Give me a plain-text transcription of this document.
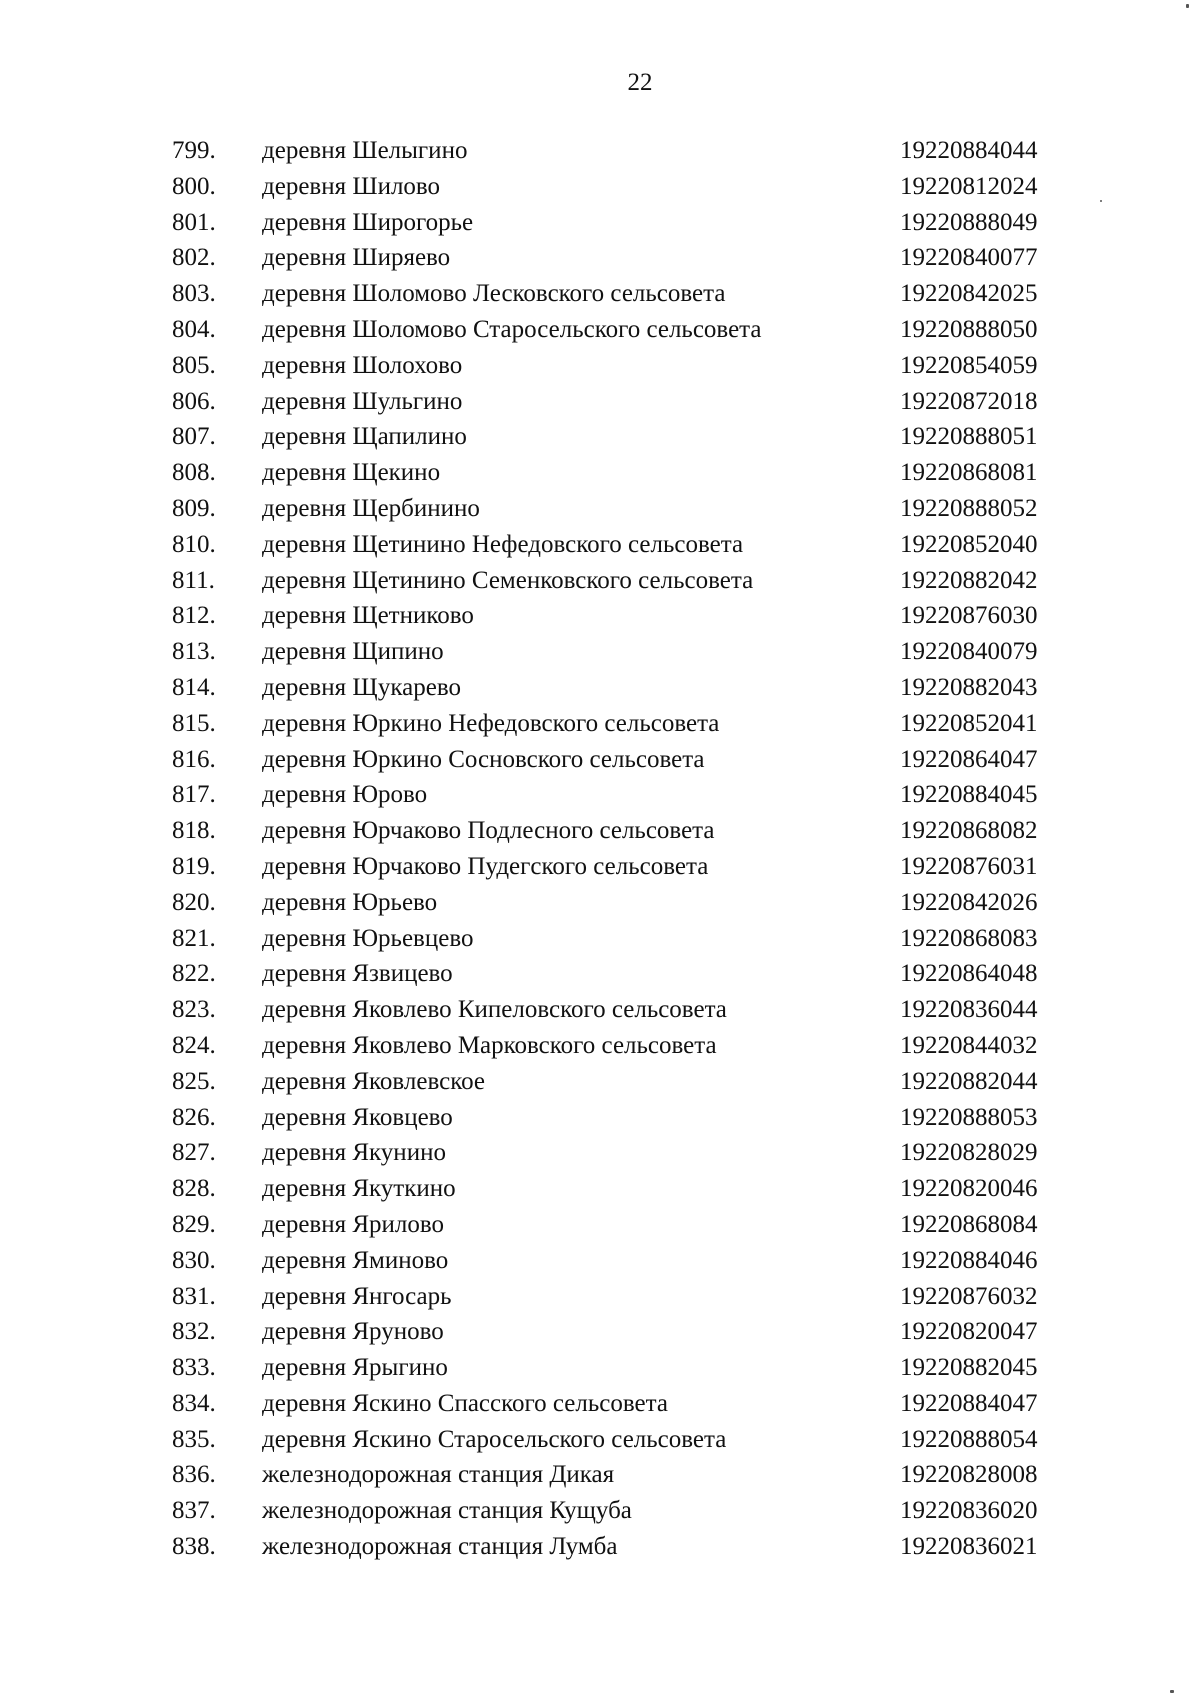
22
799. деревня Шелыгино	19220884044
800. деревня Шилово	19220812024
801. деревня Широгорье	19220888049
802. деревня Ширяево	19220840077
803. деревня Шоломово Лесковского сельсовета	19220842025
804. деревня Шоломово Старосельского сельсовета	19220888050
805. деревня Шолохово	19220854059
806. деревня Шульгино	19220872018
807. деревня Щапилино	19220888051
808. деревня Щекино	19220868081
809. деревня Щербинино	19220888052
810. деревня Щетинино Нефедовского сельсовета	19220852040
811. деревня Щетинино Семенковского сельсовета	19220882042
812. деревня Щетниково	19220876030
813. деревня Щипино	19220840079
814. деревня Щукарево	19220882043
815. деревня Юркино Нефедовского сельсовета	19220852041
816. деревня Юркино Сосновского сельсовета	19220864047
817. деревня Юрово	19220884045
818. деревня Юрчаково Подлесного сельсовета	19220868082
819. деревня Юрчаково Пудегского сельсовета	19220876031
820. деревня Юрьево	19220842026
821. деревня Юрьевцево	19220868083
822. деревня Язвицево	19220864048
823. деревня Яковлево Кипеловского сельсовета	19220836044
824. деревня Яковлево Марковского сельсовета	19220844032
825. деревня Яковлевское	19220882044
826. деревня Яковцево	19220888053
827. деревня Якунино	19220828029
828. деревня Якуткино	19220820046
829. деревня Ярилово	19220868084
830. деревня Яминово	19220884046
831. деревня Янгосарь	19220876032
832. деревня Яруново	19220820047
833. деревня Ярыгино	19220882045
834. деревня Яскино Спасского сельсовета	19220884047
835. деревня Яскино Старосельского сельсовета	19220888054
836. железнодорожная станция Дикая	19220828008
837. железнодорожная станция Кущуба	19220836020
838. железнодорожная станция Лумба	19220836021
